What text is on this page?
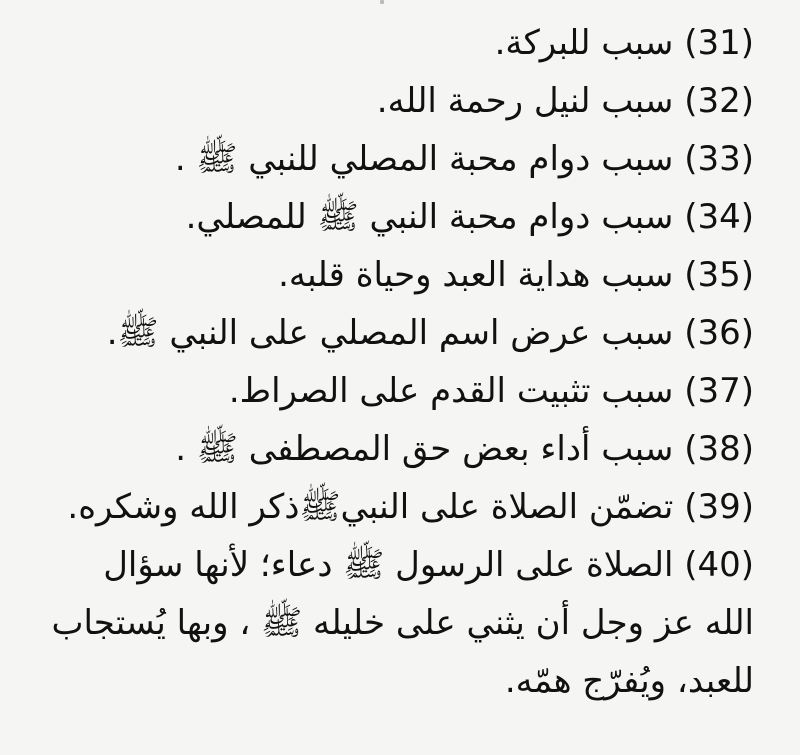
(31) سبب للبركة.
(32) سبب لنيل رحمة الله.
(33) سبب دوام محبة المصلي للنبي ﷺ .
(34) سبب دوام محبة النبي ﷺ للمصلي.
(35) سبب هداية العبد وحياة قلبه.
(36) سبب عرض اسم المصلي على النبي ﷺ.
(37) سبب تثبيت القدم على الصراط.
(38) سبب أداء بعض حق المصطفى ﷺ .
(39) تضمّن الصلاة على النبيﷺذكر الله وشكره.
(40) الصلاة على الرسول ﷺ دعاء؛ لأنها سؤال
الله عز وجل أن يثني على خليله ﷺ ، وبها يُستجاب
للعبد، ويُفرّج همّه.
